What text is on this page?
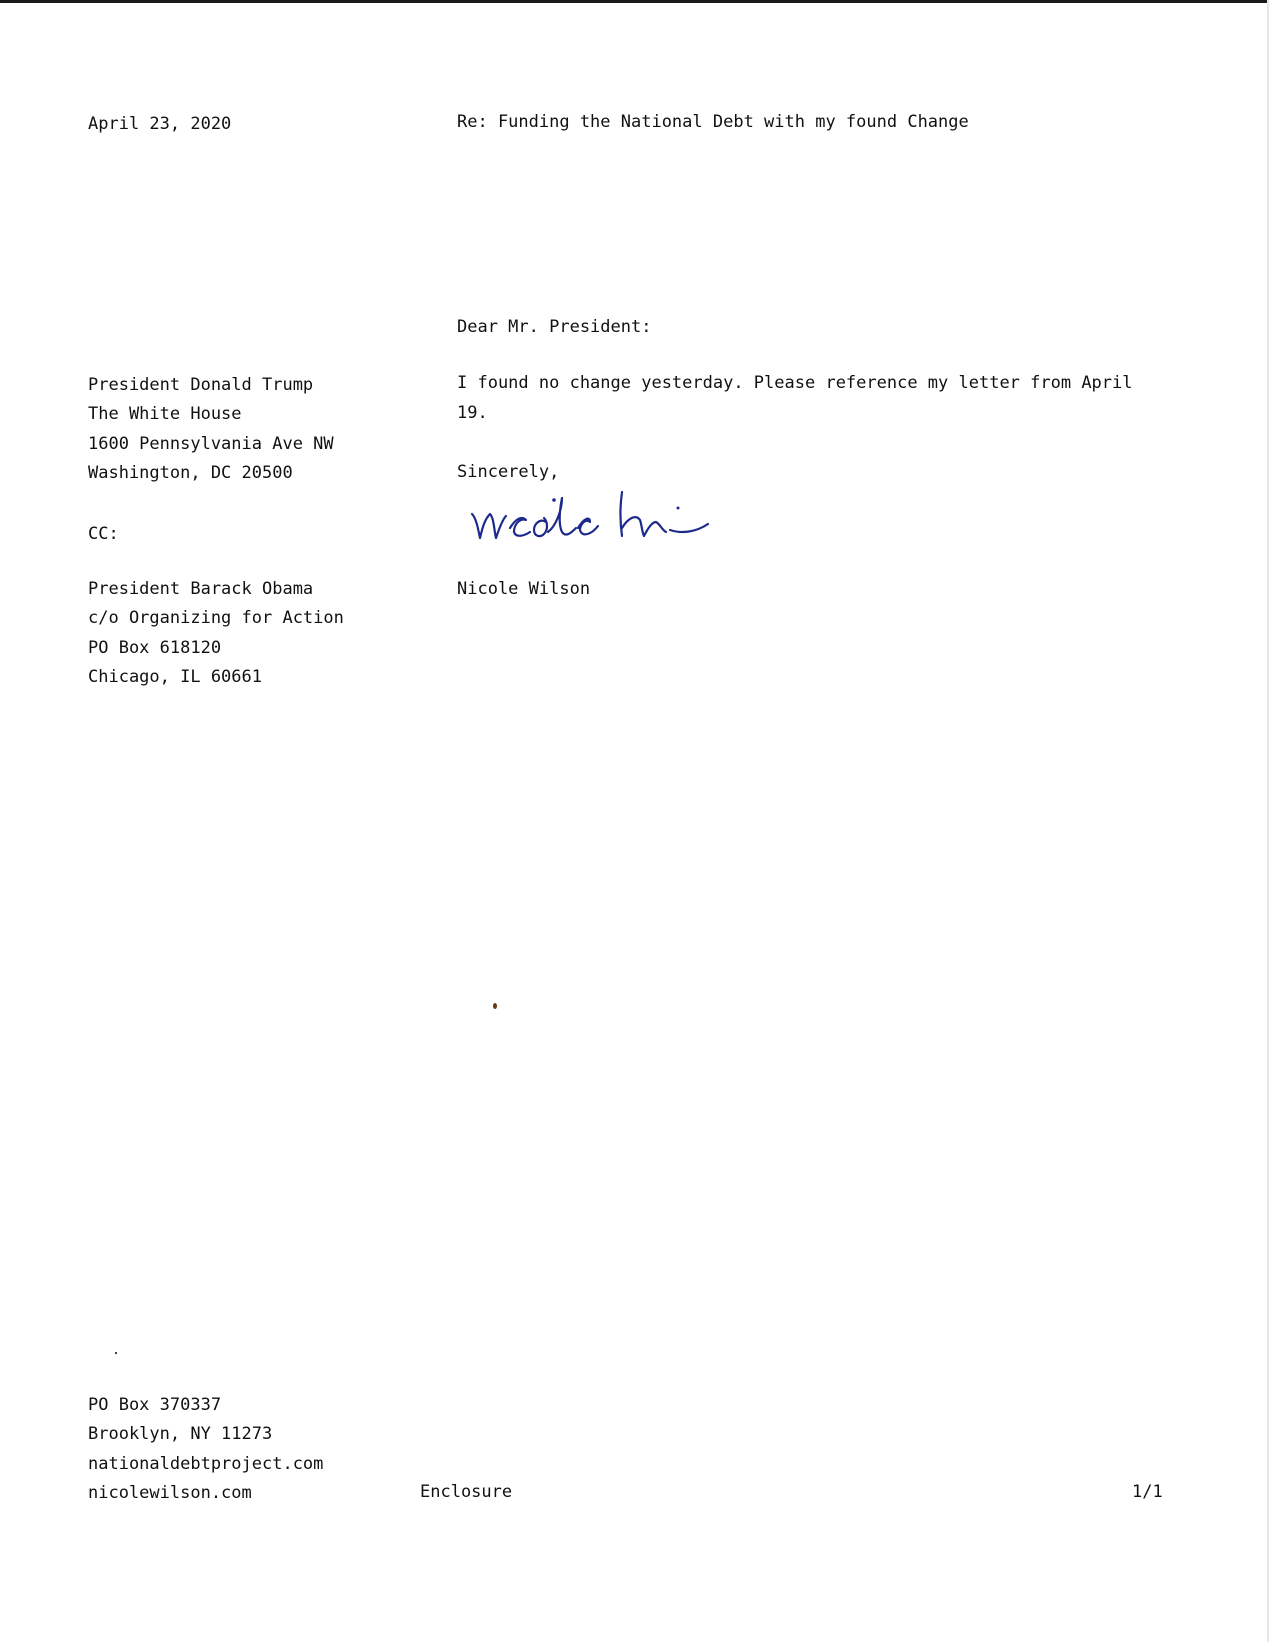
April 23, 2020	Re: Funding the National Debt with my found Change
Dear Mr. President:
President Donald Trump
The White House
1600 Pennsylvania Ave NW
Washington, DC 20500
I found no change yesterday. Please reference my letter from April 19.
Sincerely,
Nicole Wilson
CC:
President Barack Obama
c/o Organizing for Action
PO Box 618120
Chicago, IL 60661
PO Box 370337
Brooklyn, NY 11273
nationaldebtproject.com
nicolewilson.com	Enclosure	1/1
